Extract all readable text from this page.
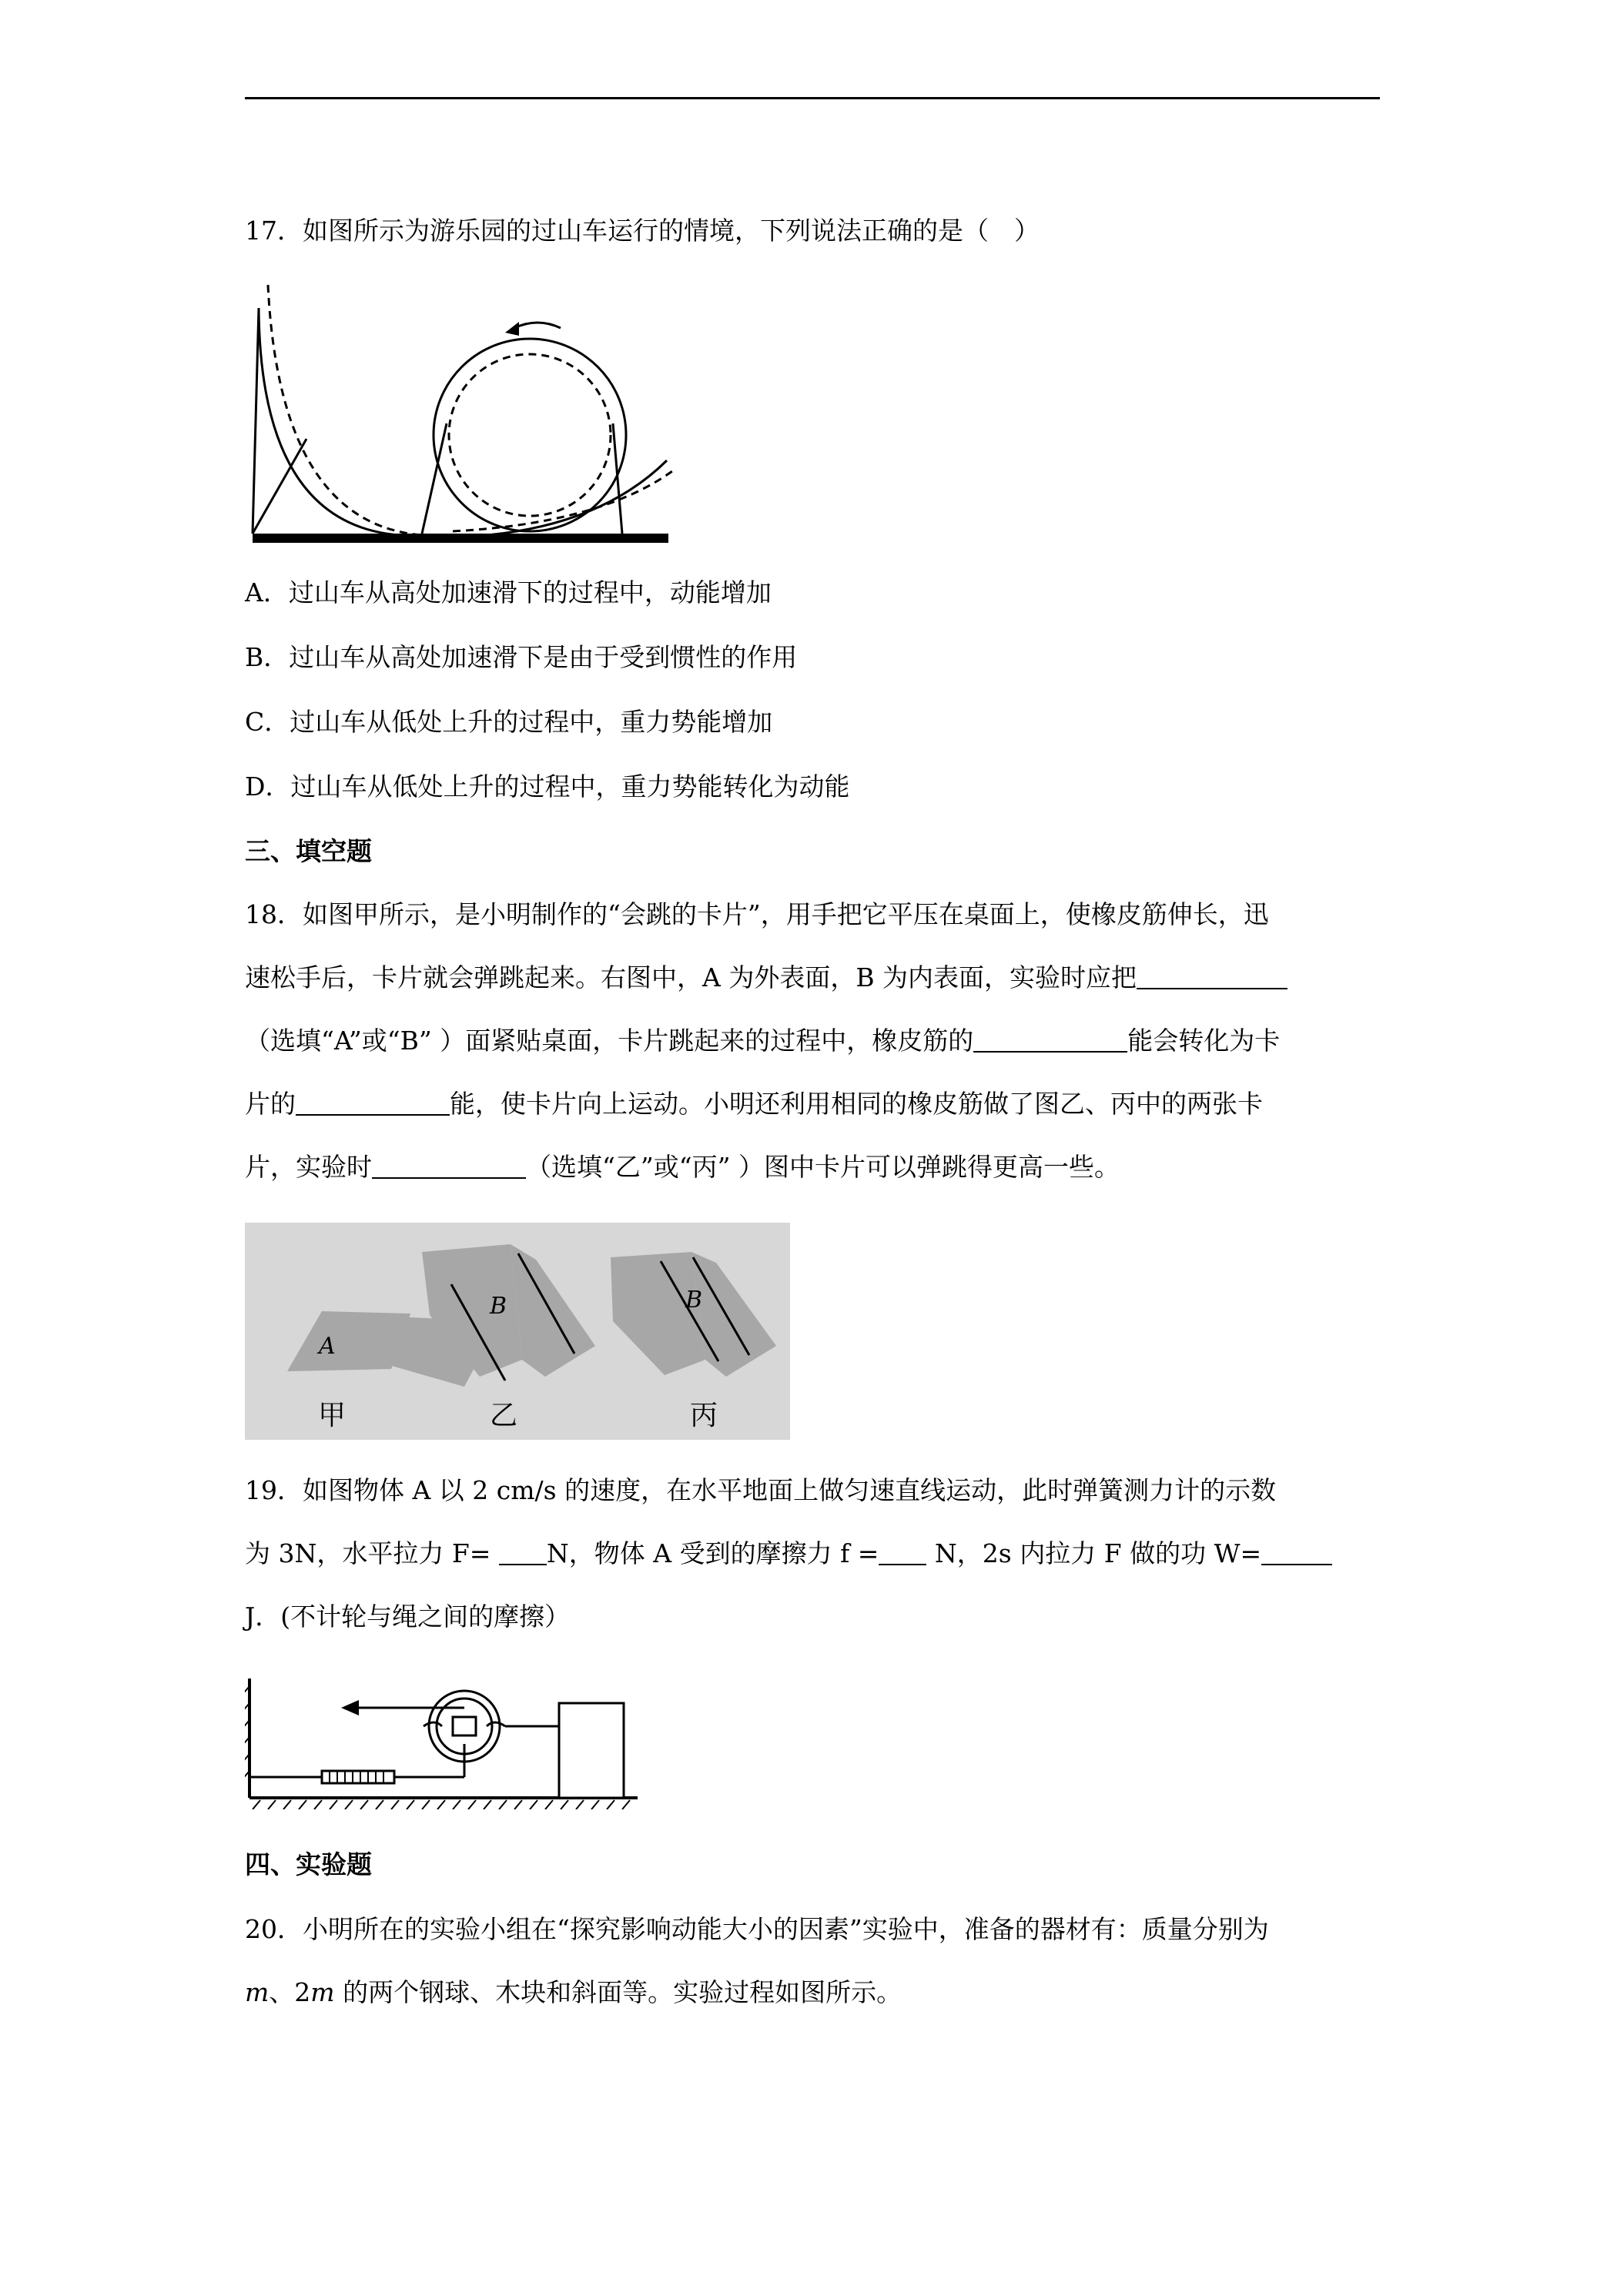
17．如图所示为游乐园的过山车运行的情境，下列说法正确的是（　）
A．过山车从高处加速滑下的过程中，动能增加
B．过山车从高处加速滑下是由于受到惯性的作用
C．过山车从低处上升的过程中，重力势能增加
D．过山车从低处上升的过程中，重力势能转化为动能
三、填空题
18．如图甲所示，是小明制作的“会跳的卡片”，用手把它平压在桌面上，使橡皮筋伸长，迅
速松手后，卡片就会弹跳起来。右图中，A 为外表面，B 为内表面，实验时应把
（选填“A”或“B” ）面紧贴桌面，卡片跳起来的过程中，橡皮筋的	能会转化为卡
片的	能，使卡片向上运动。小明还利用相同的橡皮筋做了图乙、丙中的两张卡
片，实验时	（选填“乙”或“丙” ）图中卡片可以弹跳得更高一些。
A
B	B
甲	乙	丙
19．如图物体 A 以 2 cm/s 的速度，在水平地面上做匀速直线运动，此时弹簧测力计的示数
为 3N，水平拉力 F= N，物体 A 受到的摩擦力 f = N，2s 内拉力 F 做的功 W=
J．(不计轮与绳之间的摩擦）
四、实验题
20．小明所在的实验小组在“探究影响动能大小的因素”实验中，准备的器材有：质量分别为
m、2m 的两个钢球、木块和斜面等。实验过程如图所示。
